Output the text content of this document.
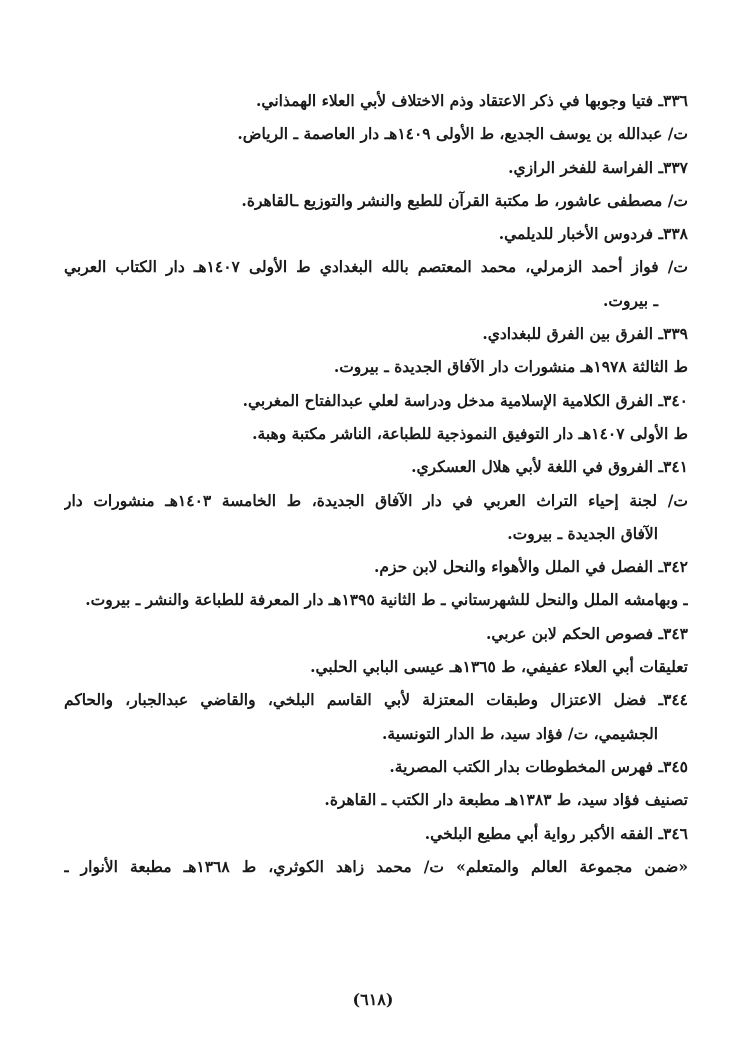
٣٣٦ـ فتيا وجوبها في ذكر الاعتقاد وذم الاختلاف لأبي العلاء الهمذاني.
ت/ عبدالله بن يوسف الجديع، ط الأولى ١٤٠٩هـ دار العاصمة ـ الرياض.
٣٣٧ـ الفراسة للفخر الرازي.
ت/ مصطفى عاشور، ط مكتبة القرآن للطبع والنشر والتوزيع ـالقاهرة.
٣٣٨ـ فردوس الأخبار للديلمي.
ت/ فواز أحمد الزمرلي، محمد المعتصم بالله البغدادي ط الأولى ١٤٠٧هـ دار الكتاب العربي
ـ بيروت.
٣٣٩ـ الفرق بين الفرق للبغدادي.
ط الثالثة ١٩٧٨هـ منشورات دار الآفاق الجديدة ـ بيروت.
٣٤٠ـ الفرق الكلامية الإسلامية مدخل ودراسة لعلي عبدالفتاح المغربي.
ط الأولى ١٤٠٧هـ دار التوفيق النموذجية للطباعة، الناشر مكتبة وهبة.
٣٤١ـ الفروق في اللغة لأبي هلال العسكري.
ت/ لجنة إحياء التراث العربي في دار الآفاق الجديدة، ط الخامسة ١٤٠٣هـ منشورات دار
الآفاق الجديدة ـ بيروت.
٣٤٢ـ الفصل في الملل والأهواء والنحل لابن حزم.
ـ وبهامشه الملل والنحل للشهرستاني ـ ط الثانية ١٣٩٥هـ دار المعرفة للطباعة والنشر ـ بيروت.
٣٤٣ـ فصوص الحكم لابن عربي.
تعليقات أبي العلاء عفيفي، ط ١٣٦٥هـ عيسى البابي الحلبي.
٣٤٤ـ فضل الاعتزال وطبقات المعتزلة لأبي القاسم البلخي، والقاضي عبدالجبار، والحاكم
الجشيمي، ت/ فؤاد سيد، ط الدار التونسية.
٣٤٥ـ فهرس المخطوطات بدار الكتب المصرية.
تصنيف فؤاد سيد، ط ١٣٨٣هـ مطبعة دار الكتب ـ القاهرة.
٣٤٦ـ الفقه الأكبر رواية أبي مطيع البلخي.
«ضمن مجموعة العالم والمتعلم» ت/ محمد زاهد الكوثري، ط ١٣٦٨هـ مطبعة الأنوار ـ
(٦١٨)
